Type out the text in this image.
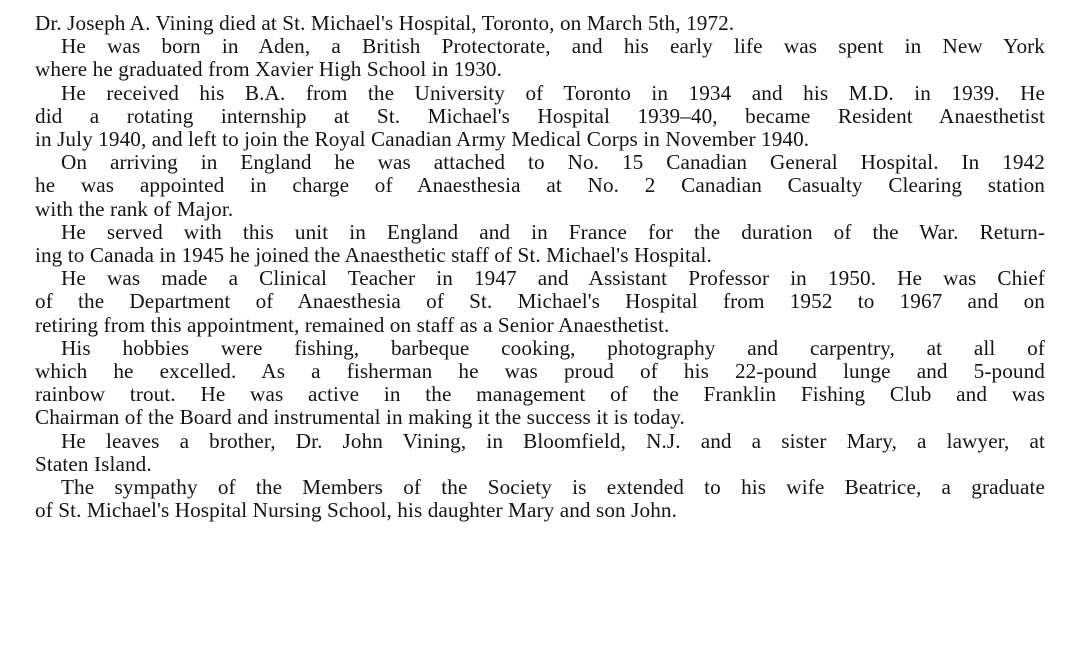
Dr. Joseph A. Vining died at St. Michael's Hospital, Toronto, on March 5th, 1972.
He was born in Aden, a British Protectorate, and his early life was spent in New York
where he graduated from Xavier High School in 1930.
He received his B.A. from the University of Toronto in 1934 and his M.D. in 1939. He
did a rotating internship at St. Michael's Hospital 1939–40, became Resident Anaesthetist
in July 1940, and left to join the Royal Canadian Army Medical Corps in November 1940.
On arriving in England he was attached to No. 15 Canadian General Hospital. In 1942
he was appointed in charge of Anaesthesia at No. 2 Canadian Casualty Clearing station
with the rank of Major.
He served with this unit in England and in France for the duration of the War. Return-
ing to Canada in 1945 he joined the Anaesthetic staff of St. Michael's Hospital.
He was made a Clinical Teacher in 1947 and Assistant Professor in 1950. He was Chief
of the Department of Anaesthesia of St. Michael's Hospital from 1952 to 1967 and on
retiring from this appointment, remained on staff as a Senior Anaesthetist.
His hobbies were fishing, barbeque cooking, photography and carpentry, at all of
which he excelled. As a fisherman he was proud of his 22-pound lunge and 5-pound
rainbow trout. He was active in the management of the Franklin Fishing Club and was
Chairman of the Board and instrumental in making it the success it is today.
He leaves a brother, Dr. John Vining, in Bloomfield, N.J. and a sister Mary, a lawyer, at
Staten Island.
The sympathy of the Members of the Society is extended to his wife Beatrice, a graduate
of St. Michael's Hospital Nursing School, his daughter Mary and son John.
